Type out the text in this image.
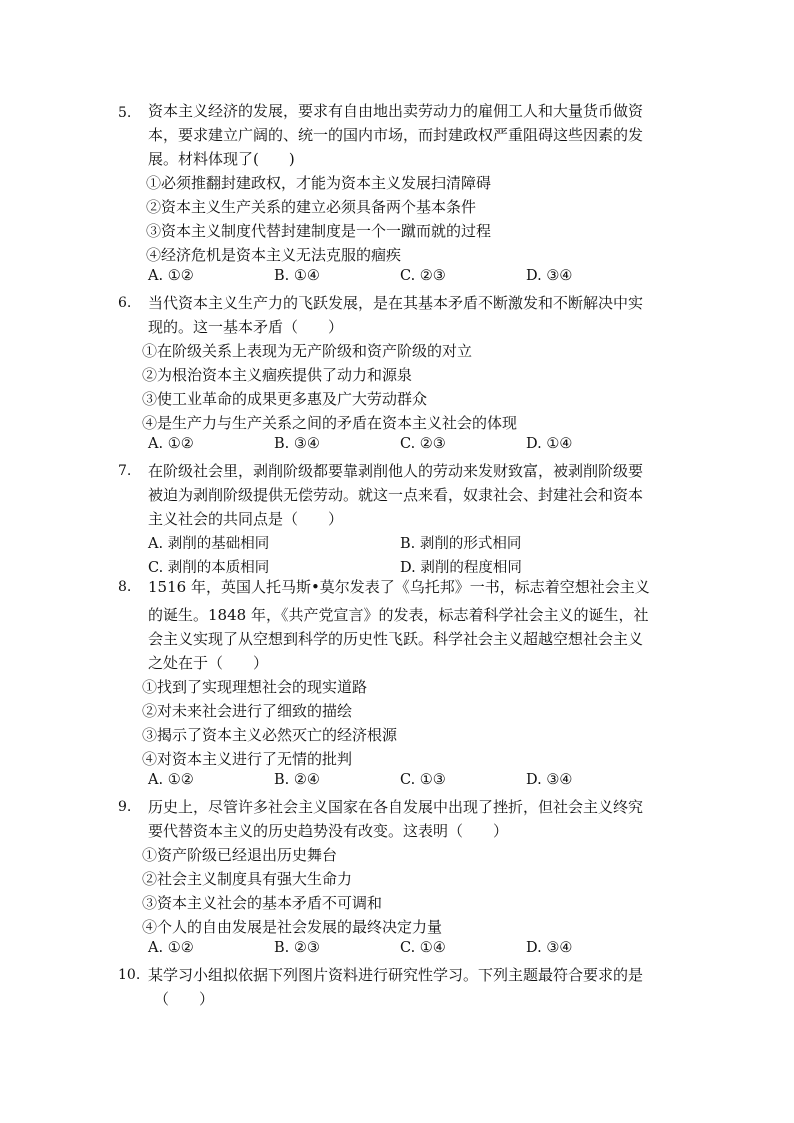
5.	资本主义经济的发展，要求有自由地出卖劳动力的雇佣工人和大量货币做资
本，要求建立广阔的、统一的国内市场，而封建政权严重阻碍这些因素的发
展。材料体现了(　　)
①必须推翻封建政权，才能为资本主义发展扫清障碍
②资本主义生产关系的建立必须具备两个基本条件
③资本主义制度代替封建制度是一个一蹴而就的过程
④经济危机是资本主义无法克服的痼疾
A. ①②	B. ①④	C. ②③	D. ③④
6.	当代资本主义生产力的飞跃发展，是在其基本矛盾不断激发和不断解决中实
现的。这一基本矛盾（　　）
①在阶级关系上表现为无产阶级和资产阶级的对立
②为根治资本主义痼疾提供了动力和源泉
③使工业革命的成果更多惠及广大劳动群众
④是生产力与生产关系之间的矛盾在资本主义社会的体现
A. ①②	B. ③④	C. ②③	D. ①④
7.	在阶级社会里，剥削阶级都要靠剥削他人的劳动来发财致富，被剥削阶级要
被迫为剥削阶级提供无偿劳动。就这一点来看，奴隶社会、封建社会和资本
主义社会的共同点是（　　）
A. 剥削的基础相同	B. 剥削的形式相同
C. 剥削的本质相同	D. 剥削的程度相同
8.	1516 年，英国人托马斯•莫尔发表了《乌托邦》一书，标志着空想社会主义
的诞生。1848 年，《共产党宣言》的发表，标志着科学社会主义的诞生，社
会主义实现了从空想到科学的历史性飞跃。科学社会主义超越空想社会主义
之处在于（　　）
①找到了实现理想社会的现实道路
②对未来社会进行了细致的描绘
③揭示了资本主义必然灭亡的经济根源
④对资本主义进行了无情的批判
A. ①②	B. ②④	C. ①③	D. ③④
9.	历史上，尽管许多社会主义国家在各自发展中出现了挫折，但社会主义终究
要代替资本主义的历史趋势没有改变。这表明（　　）
①资产阶级已经退出历史舞台
②社会主义制度具有强大生命力
③资本主义社会的基本矛盾不可调和
④个人的自由发展是社会发展的最终决定力量
A. ①②	B. ②③	C. ①④	D. ③④
10. 某学习小组拟依据下列图片资料进行研究性学习。下列主题最符合要求的是
（　　）
